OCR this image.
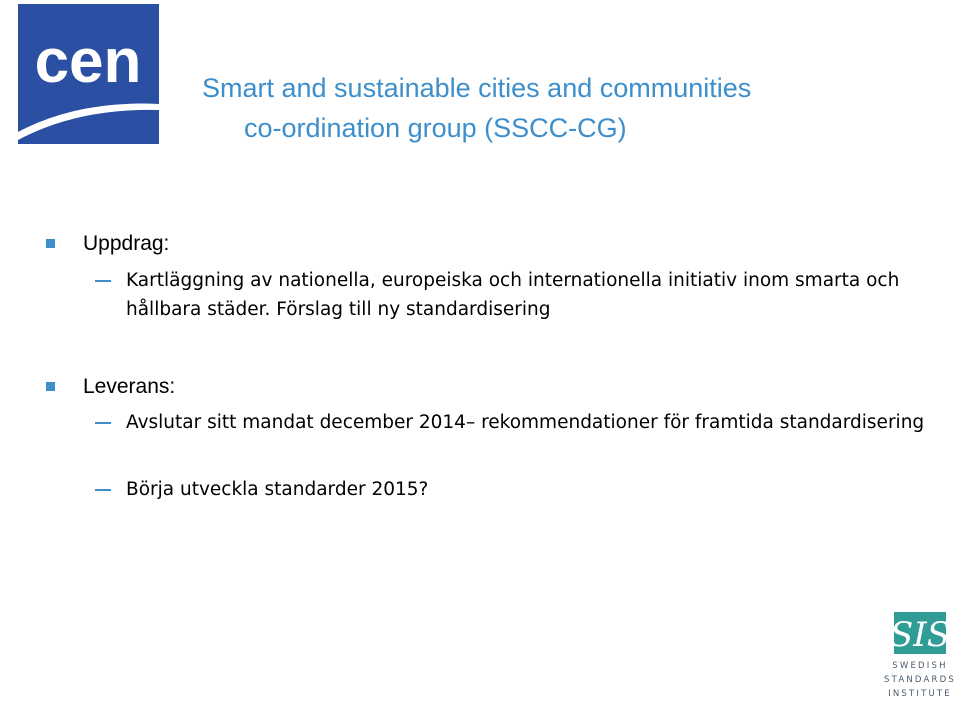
cen Smart and sustainable cities and communities
co-ordination group (SSCC-CG)
Uppdrag:
Kartläggning av nationella, europeiska och internationella initiativ inom smarta och hållbara städer. Förslag till ny standardisering
Leverans:
Avslutar sitt mandat december 2014– rekommendationer för framtida standardisering
Börja utveckla standarder 2015?
SIS
SWEDISH
STANDARDS
INSTITUTE
